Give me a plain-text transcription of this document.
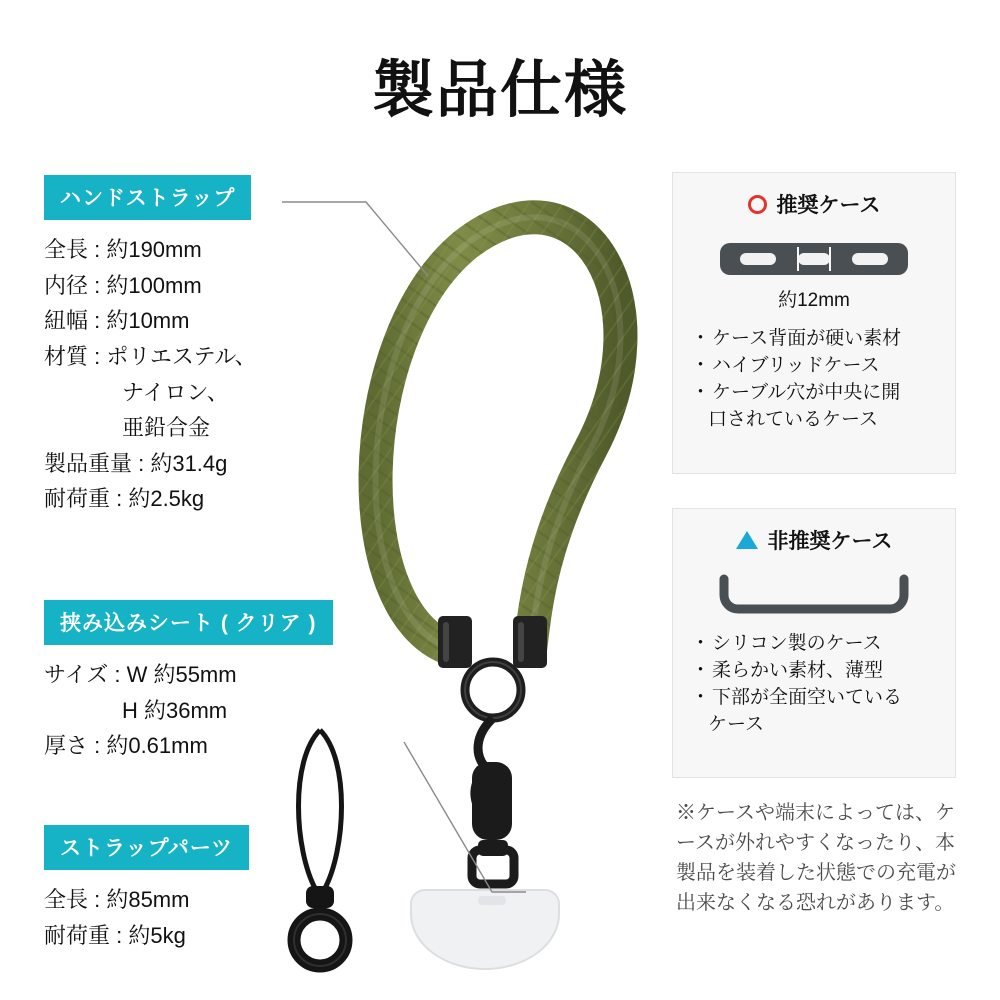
製品仕様
ハンドストラップ
全長 : 約190mm
内径 : 約100mm
紐幅 : 約10mm
材質 : ポリエステル、
ナイロン、
亜鉛合金
製品重量 : 約31.4g
耐荷重 : 約2.5kg
挟み込みシート ( クリア )
サイズ : W 約55mm
H 約36mm
厚さ : 約0.61mm
ストラップパーツ
全長 : 約85mm
耐荷重 : 約5kg
推奨ケース
約12mm
・ ケース背面が硬い素材
・ ハイブリッドケース
・ ケーブル穴が中央に開
口されているケース
非推奨ケース
・ シリコン製のケース
・ 柔らかい素材、薄型
・ 下部が全面空いている
ケース
※ケースや端末によっては、ケースが外れやすくなったり、本製品を装着した状態での充電が出来なくなる恐れがあります。
